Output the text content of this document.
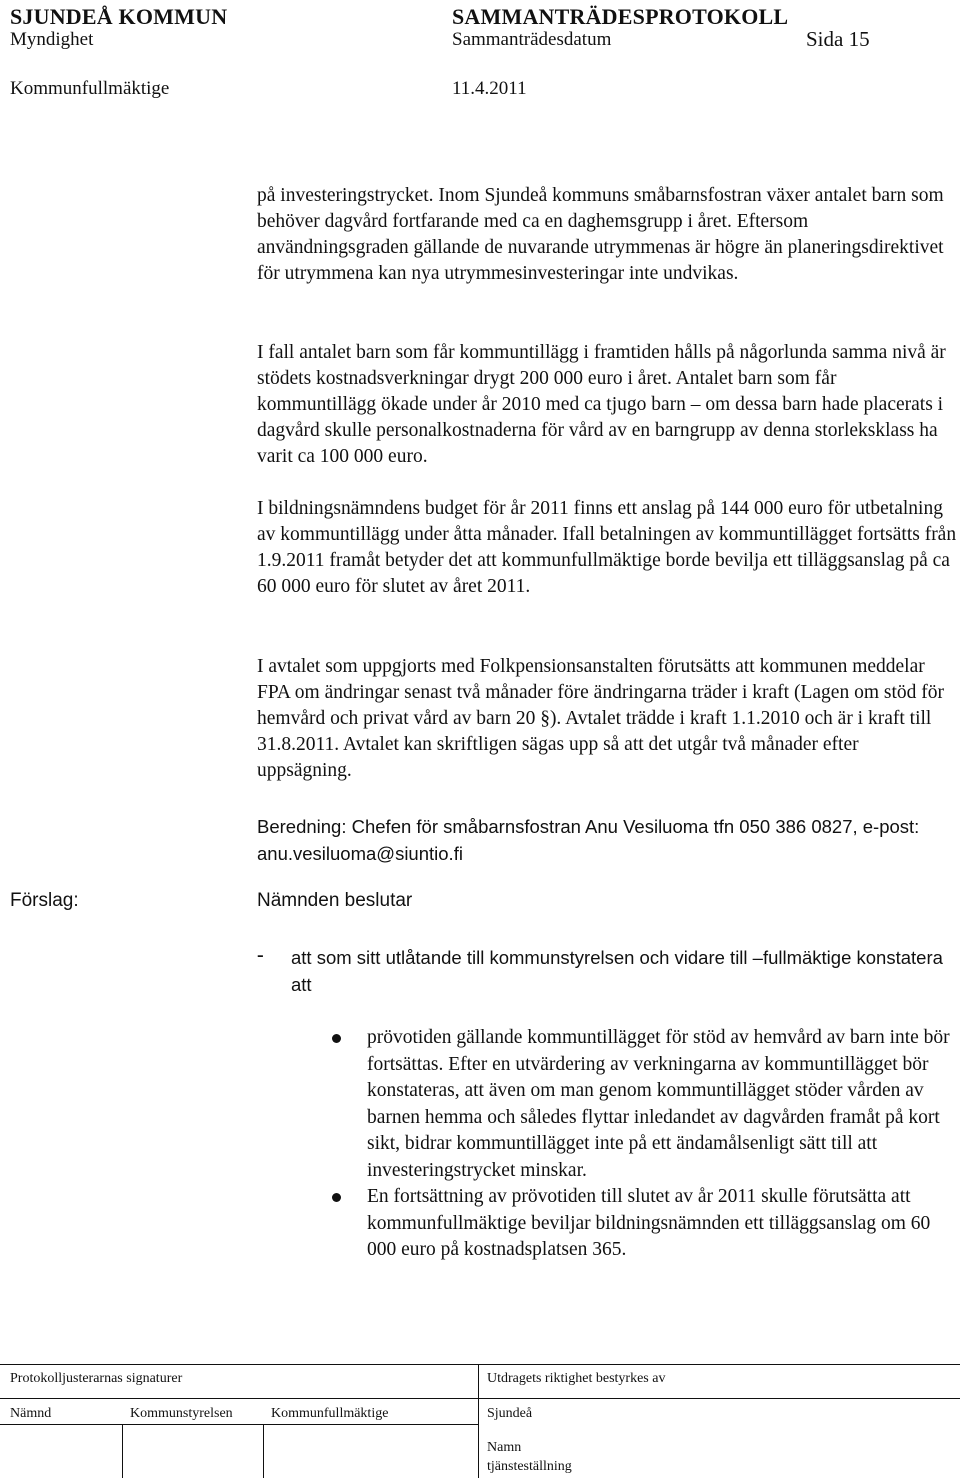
SJUNDEÅ KOMMUN	SAMMANTRÄDESPROTOKOLL
Myndighet	Sammanträdesdatum	Sida 15
Kommunfullmäktige	11.4.2011

på investeringstrycket. Inom Sjundeå kommuns småbarnsfostran växer antalet barn som behöver dagvård fortfarande med ca en daghemsgrupp i året. Eftersom användningsgraden gällande de nuvarande utrymmenas är högre än planeringsdirektivet för utrymmena kan nya utrymmesinvesteringar inte undvikas.

I fall antalet barn som får kommuntillägg i framtiden hålls på någorlunda samma nivå är stödets kostnadsverkningar drygt 200 000 euro i året. Antalet barn som får kommuntillägg ökade under år 2010 med ca tjugo barn – om dessa barn hade placerats i dagvård skulle personalkostnaderna för vård av en barngrupp av denna storleksklass ha varit ca 100 000 euro.

I bildningsnämndens budget för år 2011 finns ett anslag på 144 000 euro för utbetalning av kommuntillägg under åtta månader. Ifall betalningen av kommuntillägget fortsätts från 1.9.2011 framåt betyder det att kommunfullmäktige borde bevilja ett tilläggsanslag på ca 60 000 euro för slutet av året 2011.

I avtalet som uppgjorts med Folkpensionsanstalten förutsätts att kommunen meddelar FPA om ändringar senast två månader före ändringarna träder i kraft (Lagen om stöd för hemvård och privat vård av barn 20 §). Avtalet trädde i kraft 1.1.2010 och är i kraft till 31.8.2011. Avtalet kan skriftligen sägas upp så att det utgår två månader efter uppsägning.

Beredning: Chefen för småbarnsfostran Anu Vesiluoma tfn 050 386 0827, e-post: anu.vesiluoma@siuntio.fi

Förslag:	Nämnden beslutar
- att som sitt utlåtande till kommunstyrelsen och vidare till –fullmäktige konstatera att

prövotiden gällande kommuntillägget för stöd av hemvård av barn inte bör fortsättas. Efter en utvärdering av verkningarna av kommuntillägget bör konstateras, att även om man genom kommuntillägget stöder vården av barnen hemma och således flyttar inledandet av dagvården framåt på kort sikt, bidrar kommuntillägget inte på ett ändamålsenligt sätt till att investeringstrycket minskar.
En fortsättning av prövotiden till slutet av år 2011 skulle förutsätta att kommunfullmäktige beviljar bildningsnämnden ett tilläggsanslag om 60 000 euro på kostnadsplatsen 365.
Protokolljusterarnas signaturer	Utdragets riktighet bestyrkes av
Nämnd	Kommunstyrelsen	Kommunfullmäktige	Sjundeå
Namn
tjänsteställning
